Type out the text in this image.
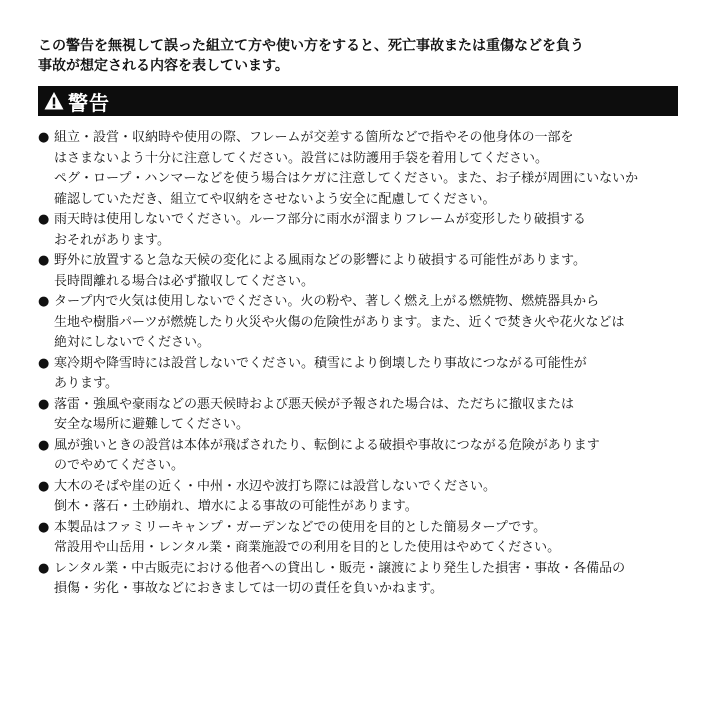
この警告を無視して誤った組立て方や使い方をすると、死亡事故または重傷などを負う
事故が想定される内容を表しています。

警告
● 組立・設営・収納時や使用の際、フレームが交差する箇所などで指やその他身体の一部を
はさまないよう十分に注意してください。設営には防護用手袋を着用してください。
ペグ・ロープ・ハンマーなどを使う場合はケガに注意してください。また、お子様が周囲にいないか
確認していただき、組立てや収納をさせないよう安全に配慮してください。
● 雨天時は使用しないでください。ルーフ部分に雨水が溜まりフレームが変形したり破損する
おそれがあります。
● 野外に放置すると急な天候の変化による風雨などの影響により破損する可能性があります。
長時間離れる場合は必ず撤収してください。
● タープ内で火気は使用しないでください。火の粉や、著しく燃え上がる燃焼物、燃焼器具から
生地や樹脂パーツが燃焼したり火災や火傷の危険性があります。また、近くで焚き火や花火などは
絶対にしないでください。
● 寒冷期や降雪時には設営しないでください。積雪により倒壊したり事故につながる可能性が
あります。
● 落雷・強風や豪雨などの悪天候時および悪天候が予報された場合は、ただちに撤収または
安全な場所に避難してください。
● 風が強いときの設営は本体が飛ばされたり、転倒による破損や事故につながる危険があります
のでやめてください。
● 大木のそばや崖の近く・中州・水辺や波打ち際には設営しないでください。
倒木・落石・土砂崩れ、増水による事故の可能性があります。
● 本製品はファミリーキャンプ・ガーデンなどでの使用を目的とした簡易タープです。
常設用や山岳用・レンタル業・商業施設での利用を目的とした使用はやめてください。
● レンタル業・中古販売における他者への貸出し・販売・譲渡により発生した損害・事故・各備品の
損傷・劣化・事故などにおきましては一切の責任を負いかねます。
